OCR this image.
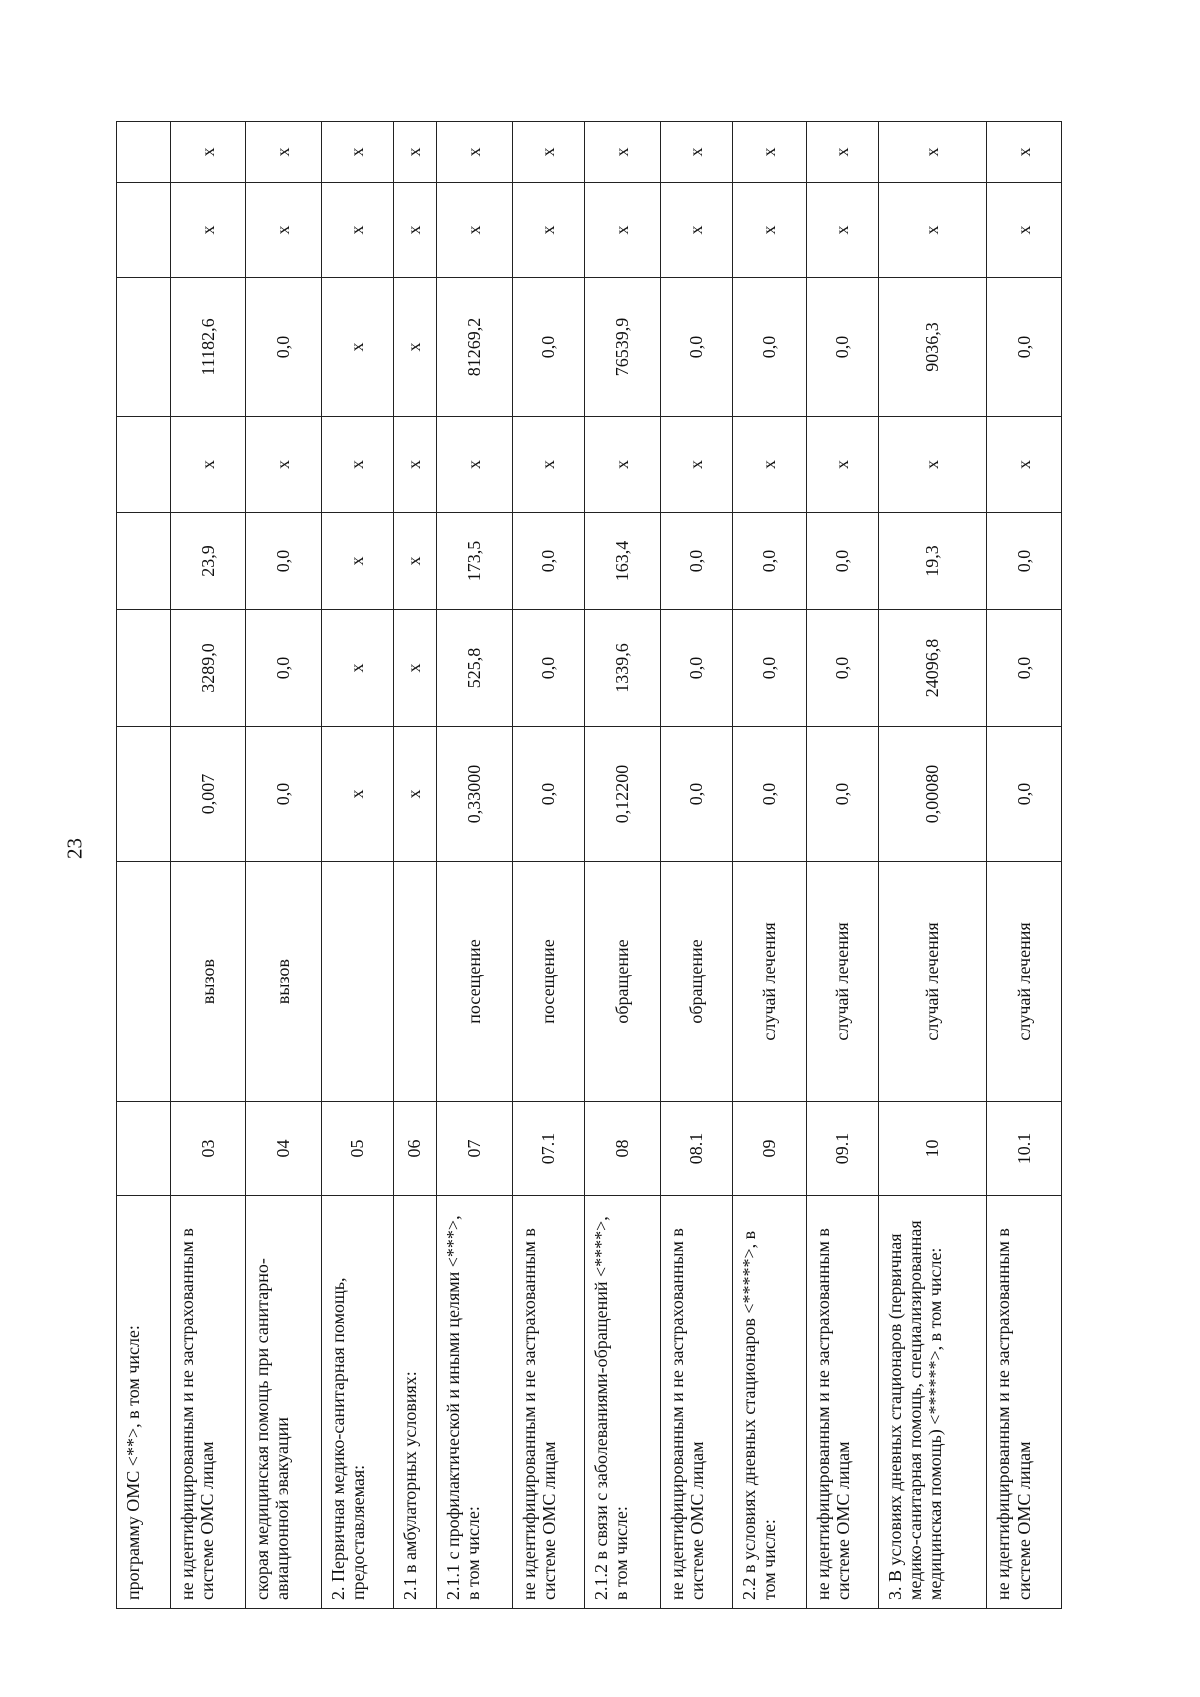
23
программу ОМС <**>, в том числе:									
не идентифицированным и не застрахованным в системе ОМС лицам	03	вызов	0,007	3289,0	23,9	x	11182,6	x	x
скорая медицинская помощь при санитарно-авиационной эвакуации	04	вызов	0,0	0,0	0,0	x	0,0	x	x
2. Первичная медико-санитарная помощь, предоставляемая:	05		x	x	x	x	x	x	x
2.1 в амбулаторных условиях:	06		x	x	x	x	x	x	x
2.1.1 с профилактической и иными целями <***>, в том числе:	07	посещение	0,33000	525,8	173,5	x	81269,2	x	x
не идентифицированным и не застрахованным в системе ОМС лицам	07.1	посещение	0,0	0,0	0,0	x	0,0	x	x
2.1.2 в связи с заболеваниями-обращений <****>, в том числе:	08	обращение	0,12200	1339,6	163,4	x	76539,9	x	x
не идентифицированным и не застрахованным в системе ОМС лицам	08.1	обращение	0,0	0,0	0,0	x	0,0	x	x
2.2 в условиях дневных стационаров <*****>, в том числе:	09	случай лечения	0,0	0,0	0,0	x	0,0	x	x
не идентифицированным и не застрахованным в системе ОМС лицам	09.1	случай лечения	0,0	0,0	0,0	x	0,0	x	x
3. В условиях дневных стационаров (первичная медико-санитарная помощь, специализированная медицинская помощь) <******>, в том числе:	10	случай лечения	0,00080	24096,8	19,3	x	9036,3	x	x
не идентифицированным и не застрахованным в системе ОМС лицам	10.1	случай лечения	0,0	0,0	0,0	x	0,0	x	x
